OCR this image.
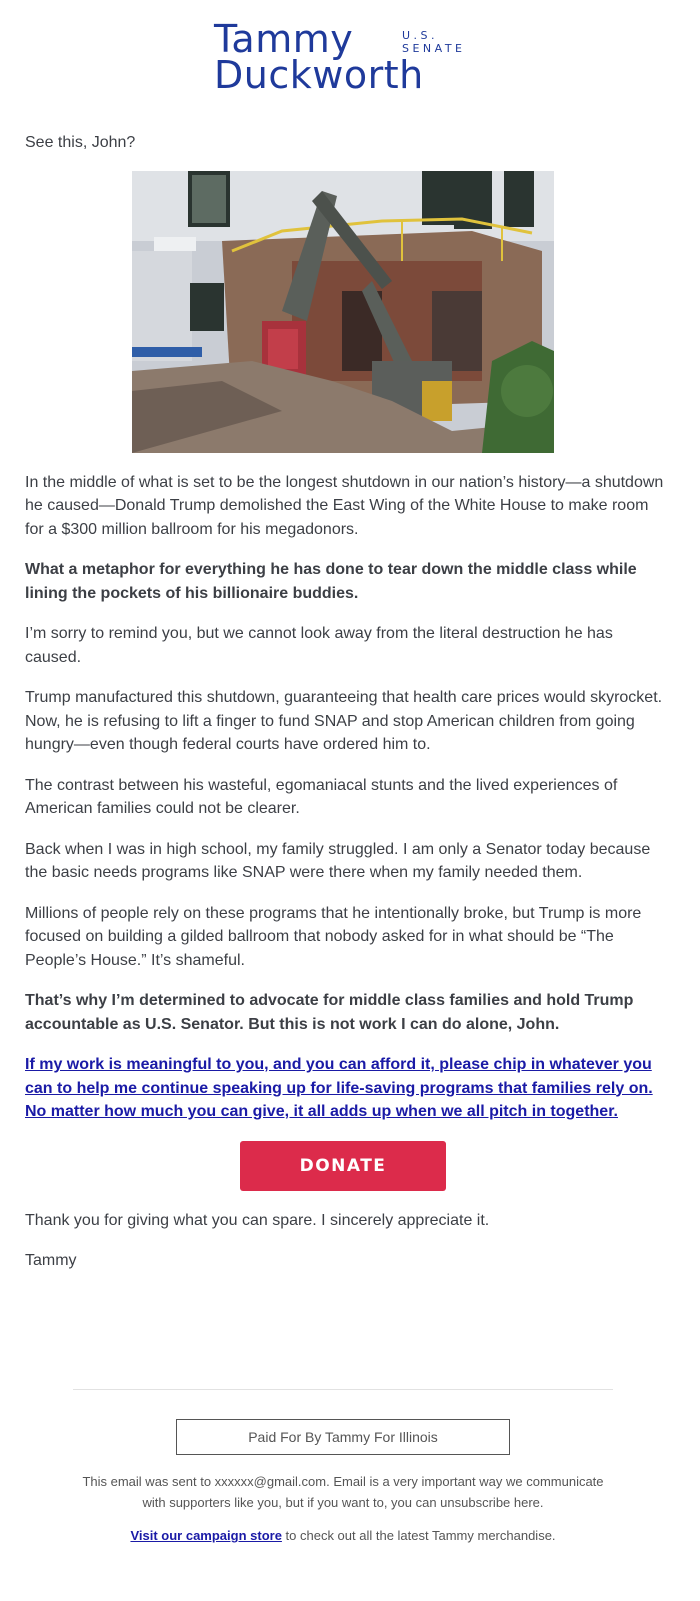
Tammy	U.S.
SENATE
Duckworth

See this, John?

In the middle of what is set to be the longest shutdown in our nation’s history—a shutdown he caused—Donald Trump demolished the East Wing of the White House to make room for a $300 million ballroom for his megadonors.

What a metaphor for everything he has done to tear down the middle class while lining the pockets of his billionaire buddies.

I’m sorry to remind you, but we cannot look away from the literal destruction he has caused.

Trump manufactured this shutdown, guaranteeing that health care prices would skyrocket. Now, he is refusing to lift a finger to fund SNAP and stop American children from going hungry—even though federal courts have ordered him to.

The contrast between his wasteful, egomaniacal stunts and the lived experiences of American families could not be clearer.

Back when I was in high school, my family struggled. I am only a Senator today because the basic needs programs like SNAP were there when my family needed them.

Millions of people rely on these programs that he intentionally broke, but Trump is more focused on building a gilded ballroom that nobody asked for in what should be “The People’s House.” It’s shameful.

That’s why I’m determined to advocate for middle class families and hold Trump accountable as U.S. Senator. But this is not work I can do alone, John.

If my work is meaningful to you, and you can afford it, please chip in whatever you can to help me continue speaking up for life-saving programs that families rely on. No matter how much you can give, it all adds up when we all pitch in together.

DONATE

Thank you for giving what you can spare. I sincerely appreciate it.

Tammy

Paid For By Tammy For Illinois
This email was sent to xxxxxx@gmail.com. Email is a very important way we communicate with supporters like you, but if you want to, you can unsubscribe here.
Visit our campaign store to check out all the latest Tammy merchandise.
